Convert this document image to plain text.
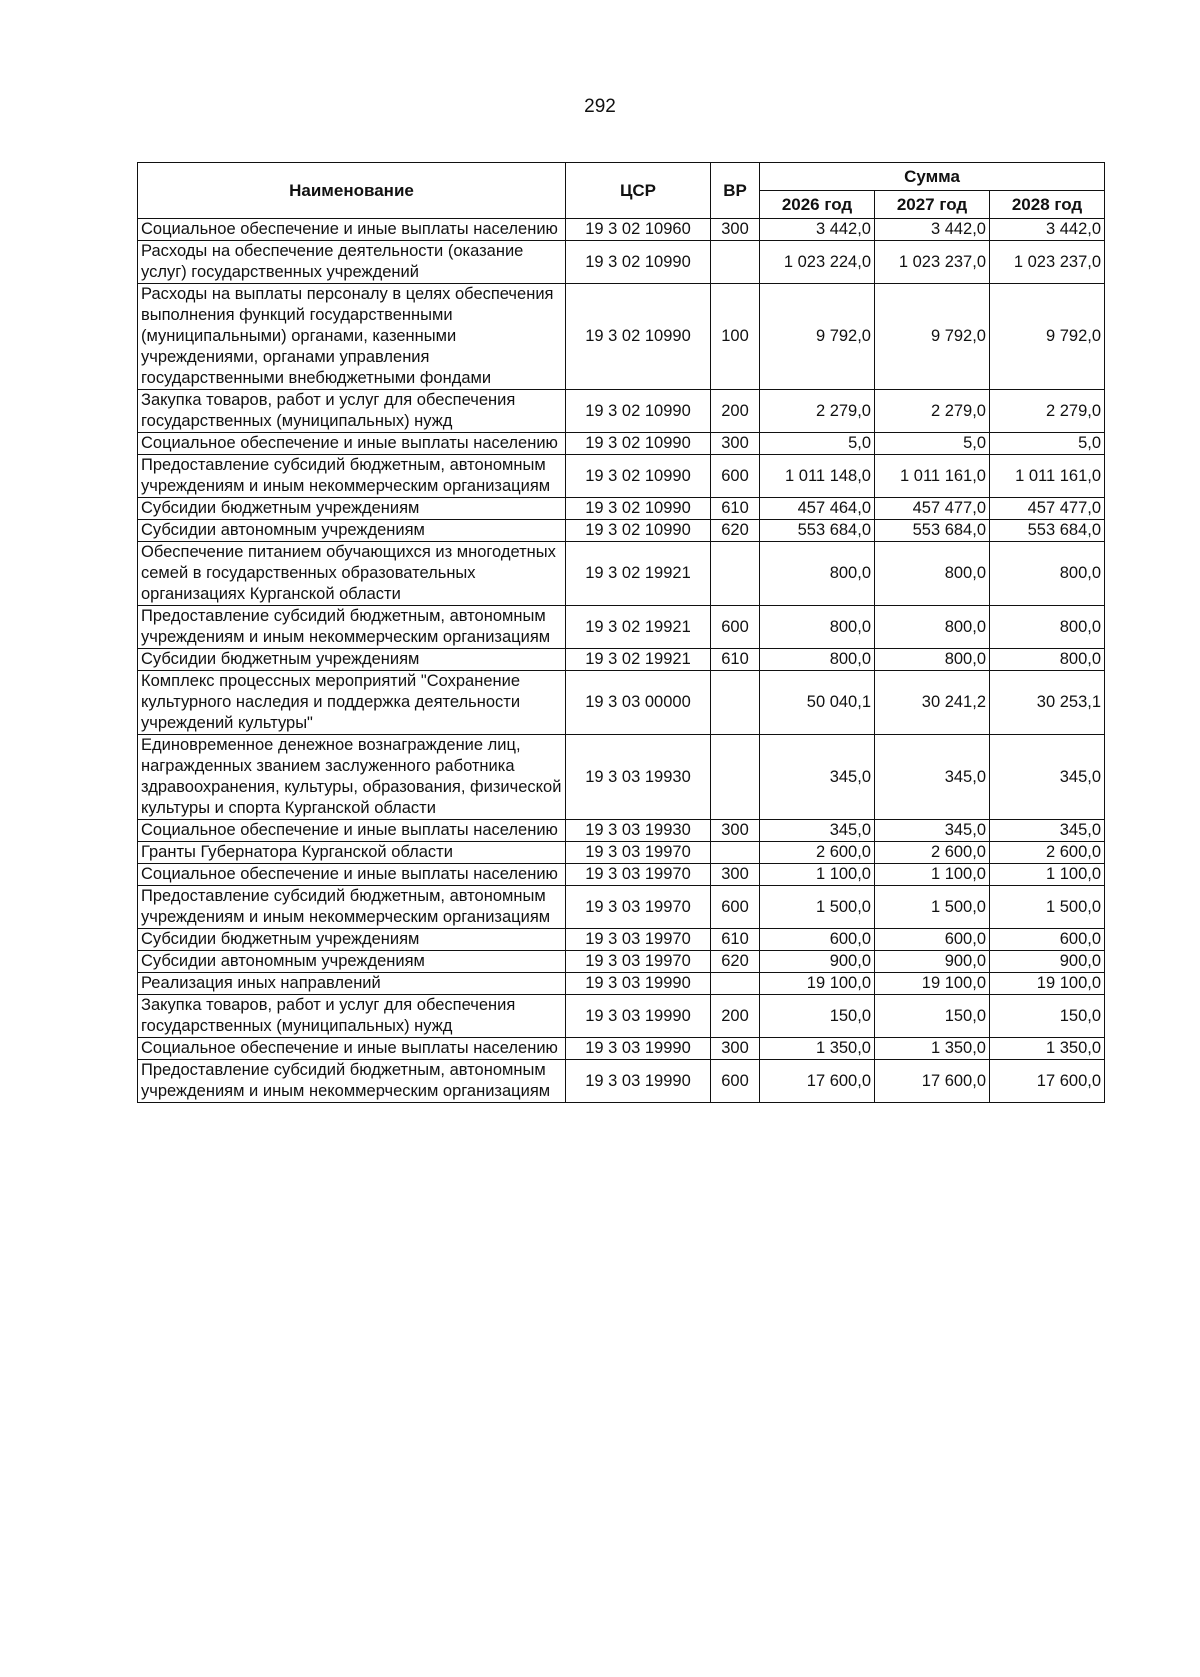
292
Наименование	ЦСР	ВР	Сумма		
			2026 год	2027 год	2028 год
Социальное обеспечение и иные выплаты населению	19 3 02 10960	300	3 442,0	3 442,0	3 442,0
Расходы на обеспечение деятельности (оказание услуг) государственных учреждений	19 3 02 10990		1 023 224,0	1 023 237,0	1 023 237,0
Расходы на выплаты персоналу в целях обеспечения выполнения функций государственными (муниципальными) органами, казенными учреждениями, органами управления государственными внебюджетными фондами	19 3 02 10990	100	9 792,0	9 792,0	9 792,0
Закупка товаров, работ и услуг для обеспечения государственных (муниципальных) нужд	19 3 02 10990	200	2 279,0	2 279,0	2 279,0
Социальное обеспечение и иные выплаты населению	19 3 02 10990	300	5,0	5,0	5,0
Предоставление субсидий бюджетным, автономным учреждениям и иным некоммерческим организациям	19 3 02 10990	600	1 011 148,0	1 011 161,0	1 011 161,0
Субсидии бюджетным учреждениям	19 3 02 10990	610	457 464,0	457 477,0	457 477,0
Субсидии автономным учреждениям	19 3 02 10990	620	553 684,0	553 684,0	553 684,0
Обеспечение питанием обучающихся из многодетных семей в государственных образовательных организациях Курганской области	19 3 02 19921		800,0	800,0	800,0
Предоставление субсидий бюджетным, автономным учреждениям и иным некоммерческим организациям	19 3 02 19921	600	800,0	800,0	800,0
Субсидии бюджетным учреждениям	19 3 02 19921	610	800,0	800,0	800,0
Комплекс процессных мероприятий "Сохранение культурного наследия и поддержка деятельности учреждений культуры"	19 3 03 00000		50 040,1	30 241,2	30 253,1
Единовременное денежное вознаграждение лиц, награжденных званием заслуженного работника здравоохранения, культуры, образования, физической культуры и спорта Курганской области	19 3 03 19930		345,0	345,0	345,0
Социальное обеспечение и иные выплаты населению	19 3 03 19930	300	345,0	345,0	345,0
Гранты Губернатора Курганской области	19 3 03 19970		2 600,0	2 600,0	2 600,0
Социальное обеспечение и иные выплаты населению	19 3 03 19970	300	1 100,0	1 100,0	1 100,0
Предоставление субсидий бюджетным, автономным учреждениям и иным некоммерческим организациям	19 3 03 19970	600	1 500,0	1 500,0	1 500,0
Субсидии бюджетным учреждениям	19 3 03 19970	610	600,0	600,0	600,0
Субсидии автономным учреждениям	19 3 03 19970	620	900,0	900,0	900,0
Реализация иных направлений	19 3 03 19990		19 100,0	19 100,0	19 100,0
Закупка товаров, работ и услуг для обеспечения государственных (муниципальных) нужд	19 3 03 19990	200	150,0	150,0	150,0
Социальное обеспечение и иные выплаты населению	19 3 03 19990	300	1 350,0	1 350,0	1 350,0
Предоставление субсидий бюджетным, автономным учреждениям и иным некоммерческим организациям	19 3 03 19990	600	17 600,0	17 600,0	17 600,0
